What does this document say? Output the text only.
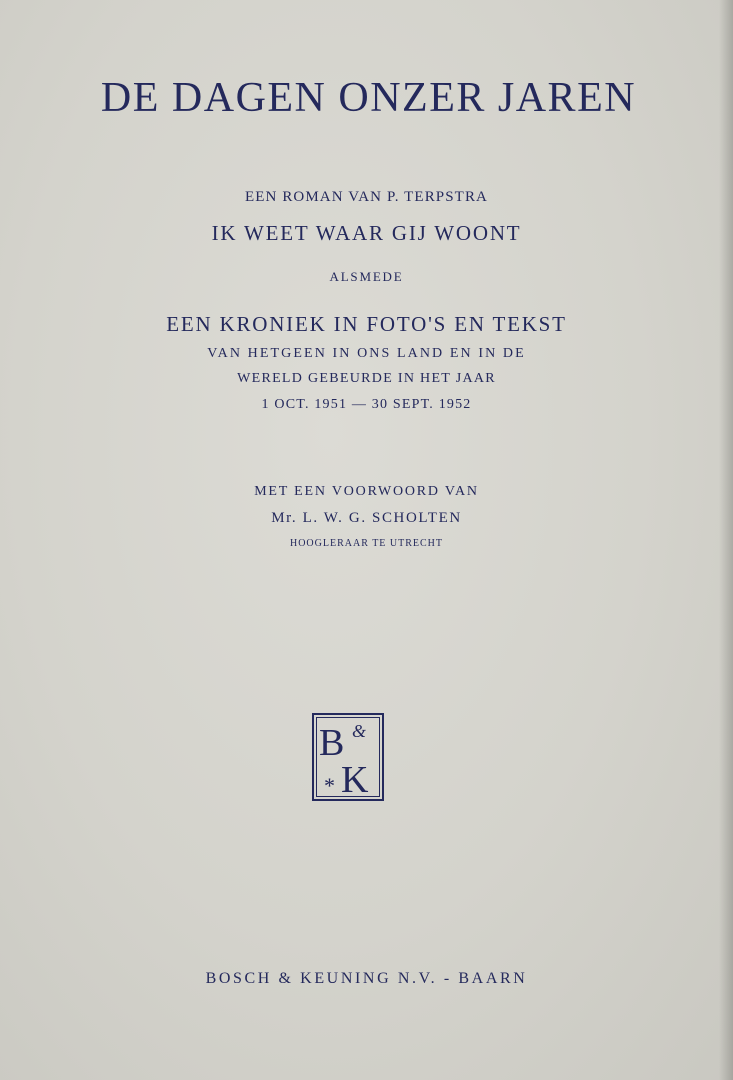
DE DAGEN ONZER JAREN
EEN ROMAN VAN P. TERPSTRA
IK WEET WAAR GIJ WOONT
ALSMEDE
EEN KRONIEK IN FOTO'S EN TEKST
VAN HETGEEN IN ONS LAND EN IN DE
WERELD GEBEURDE IN HET JAAR
1 OCT. 1951 — 30 SEPT. 1952
MET EEN VOORWOORD VAN
Mr. L. W. G. SCHOLTEN
HOOGLERAAR TE UTRECHT
B &
* K
BOSCH & KEUNING N.V. - BAARN
